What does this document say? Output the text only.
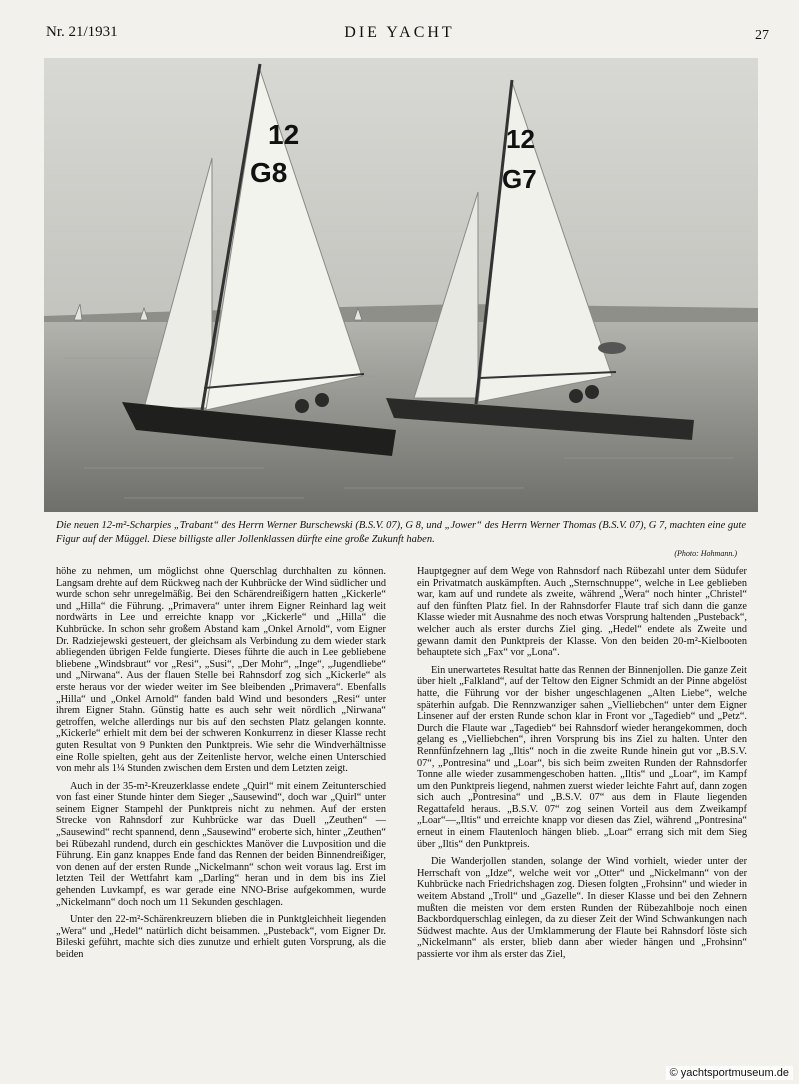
Nr. 21/1931	DIE YACHT	27
12
G8
12
G7
Die neuen 12-m²-Scharpies „Trabant“ des Herrn Werner Burschewski (B.S.V. 07), G 8, und „Jower“ des Herrn Werner Thomas (B.S.V. 07), G 7, machten eine gute Figur auf der Müggel. Diese billigste aller Jollenklassen dürfte eine große Zukunft haben.
(Photo: Hohmann.)

höhe zu nehmen, um möglichst ohne Querschlag durchhalten zu können. Langsam drehte auf dem Rückweg nach der Kuhbrücke der Wind südlicher und wurde schon sehr unregelmäßig. Bei den Schärendreißigern hatten „Kickerle“ und „Hilla“ die Führung. „Primavera“ unter ihrem Eigner Reinhard lag weit nordwärts in Lee und erreichte knapp vor „Kickerle“ und „Hilla“ die Kuhbrücke. In schon sehr großem Abstand kam „Onkel Arnold“, vom Eigner Dr. Radziejewski gesteuert, der gleichsam als Verbindung zu dem wieder stark abliegenden übrigen Felde fungierte. Dieses führte die auch in Lee gebliebene bliebene „Windsbraut“ vor „Resi“, „Susi“, „Der Mohr“, „Inge“, „Jugendliebe“ und „Nirwana“. Aus der flauen Stelle bei Rahnsdorf zog sich „Kickerle“ als erste heraus vor der wieder weiter im See bleibenden „Primavera“. Ebenfalls „Hilla“ und „Onkel Arnold“ fanden bald Wind und besonders „Resi“ unter ihrem Eigner Stahn. Günstig hatte es auch sehr weit nördlich „Nirwana“ getroffen, welche allerdings nur bis auf den sechsten Platz gelangen konnte. „Kickerle“ erhielt mit dem bei der schweren Konkurrenz in dieser Klasse recht guten Resultat von 9 Punkten den Punktpreis. Wie sehr die Windverhältnisse eine Rolle spielten, geht aus der Zeitenliste hervor, welche einen Unterschied von mehr als 1¼ Stunden zwischen dem Ersten und dem Letzten zeigt.

Auch in der 35-m²-Kreuzerklasse endete „Quirl“ mit einem Zeitunterschied von fast einer Stunde hinter dem Sieger „Sausewind“, doch war „Quirl“ unter seinem Eigner Stampehl der Punktpreis nicht zu nehmen. Auf der ersten Strecke von Rahnsdorf zur Kuhbrücke war das Duell „Zeuthen“ —„Sausewind“ recht spannend, denn „Sausewind“ eroberte sich, hinter „Zeuthen“ bei Rübezahl rundend, durch ein geschicktes Manöver die Luvposition und die Führung. Ein ganz knappes Ende fand das Rennen der beiden Binnendreißiger, von denen auf der ersten Runde „Nickelmann“ schon weit voraus lag. Erst im letzten Teil der Wettfahrt kam „Darling“ heran und in dem bis ins Ziel gehenden Luvkampf, es war gerade eine NNO-Brise aufgekommen, wurde „Nickelmann“ doch noch um 11 Sekunden geschlagen.

Unter den 22-m²-Schärenkreuzern blieben die in Punktgleichheit liegenden „Wera“ und „Hedel“ natürlich dicht beisammen. „Pusteback“, vom Eigner Dr. Bileski geführt, machte sich dies zunutze und erhielt guten Vorsprung, als die beiden

Hauptgegner auf dem Wege von Rahnsdorf nach Rübezahl unter dem Südufer ein Privatmatch auskämpften. Auch „Sternschnuppe“, welche in Lee geblieben war, kam auf und rundete als zweite, während „Wera“ noch hinter „Christel“ auf den fünften Platz fiel. In der Rahnsdorfer Flaute traf sich dann die ganze Klasse wieder mit Ausnahme des noch etwas Vorsprung haltenden „Pusteback“, welcher auch als erster durchs Ziel ging. „Hedel“ endete als Zweite und gewann damit den Punktpreis der Klasse. Von den beiden 20-m²-Kielbooten behauptete sich „Fax“ vor „Lona“.

Ein unerwartetes Resultat hatte das Rennen der Binnenjollen. Die ganze Zeit über hielt „Falkland“, auf der Teltow den Eigner Schmidt an der Pinne abgelöst hatte, die Führung vor der bisher ungeschlagenen „Alten Liebe“, welche späterhin aufgab. Die Rennzwanziger sahen „Vielliebchen“ unter dem Eigner Linsener auf der ersten Runde schon klar in Front vor „Tagedieb“ und „Petz“. Durch die Flaute war „Tagedieb“ bei Rahnsdorf wieder herangekommen, doch gelang es „Vielliebchen“, ihren Vorsprung bis ins Ziel zu halten. Unter den Rennfünfzehnern lag „Iltis“ noch in die zweite Runde hinein gut vor „B.S.V. 07“, „Pontresina“ und „Loar“, bis sich beim zweiten Runden der Rahnsdorfer Tonne alle wieder zusammengeschoben hatten. „Iltis“ und „Loar“, im Kampf um den Punktpreis liegend, nahmen zuerst wieder leichte Fahrt auf, dann zogen sich auch „Pontresina“ und „B.S.V. 07“ aus dem in Flaute liegenden Regattafeld heraus. „B.S.V. 07“ zog seinen Vorteil aus dem Zweikampf „Loar“—„Iltis“ und erreichte knapp vor diesen das Ziel, während „Pontresina“ erneut in einem Flautenloch hängen blieb. „Loar“ errang sich mit dem Sieg über „Iltis“ den Punktpreis.

Die Wanderjollen standen, solange der Wind vorhielt, wieder unter der Herrschaft von „Idze“, welche weit vor „Otter“ und „Nickelmann“ von der Kuhbrücke nach Friedrichshagen zog. Diesen folgten „Frohsinn“ und wieder in weitem Abstand „Troll“ und „Gazelle“. In dieser Klasse und bei den Zehnern mußten die meisten vor dem ersten Runden der Rübezahlboje noch einen Backbordquerschlag einlegen, da zu dieser Zeit der Wind Schwankungen nach Südwest machte. Aus der Umklammerung der Flaute bei Rahnsdorf löste sich „Nickelmann“ als erster, blieb dann aber wieder hängen und „Frohsinn“ passierte vor ihm als erster das Ziel,

© yachtsportmuseum.de
